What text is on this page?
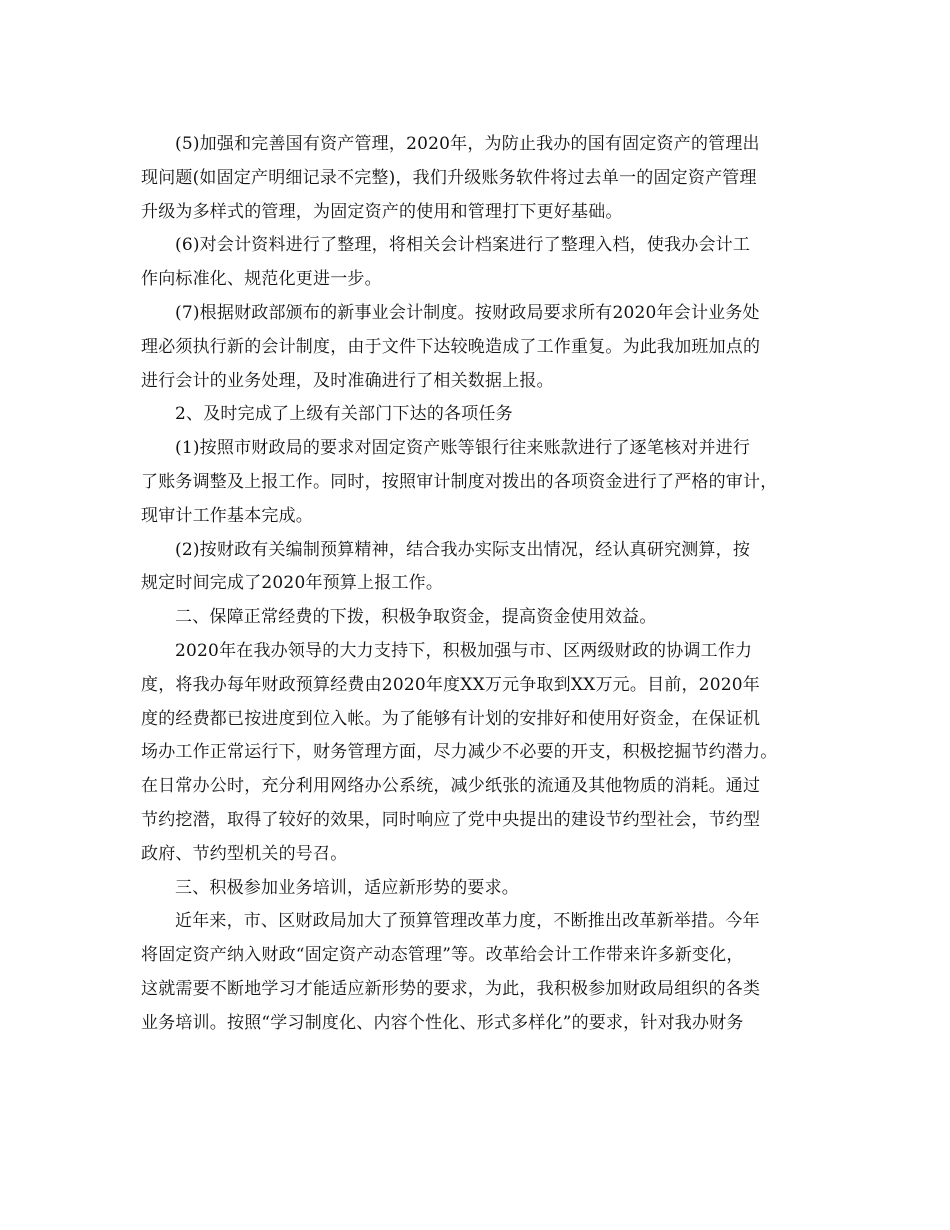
(5)加强和完善国有资产管理，2020年，为防止我办的国有固定资产的管理出
现问题(如固定产明细记录不完整)，我们升级账务软件将过去单一的固定资产管理
升级为多样式的管理，为固定资产的使用和管理打下更好基础。
(6)对会计资料进行了整理，将相关会计档案进行了整理入档，使我办会计工
作向标准化、规范化更进一步。
(7)根据财政部颁布的新事业会计制度。按财政局要求所有2020年会计业务处
理必须执行新的会计制度，由于文件下达较晚造成了工作重复。为此我加班加点的
进行会计的业务处理，及时准确进行了相关数据上报。
2、及时完成了上级有关部门下达的各项任务
(1)按照市财政局的要求对固定资产账等银行往来账款进行了逐笔核对并进行
了账务调整及上报工作。同时，按照审计制度对拨出的各项资金进行了严格的审计，
现审计工作基本完成。
(2)按财政有关编制预算精神，结合我办实际支出情况，经认真研究测算，按
规定时间完成了2020年预算上报工作。
二、保障正常经费的下拨，积极争取资金，提高资金使用效益。
2020年在我办领导的大力支持下，积极加强与市、区两级财政的协调工作力
度，将我办每年财政预算经费由2020年度XX万元争取到XX万元。目前，2020年
度的经费都已按进度到位入帐。为了能够有计划的安排好和使用好资金，在保证机
场办工作正常运行下，财务管理方面，尽力减少不必要的开支，积极挖掘节约潜力。
在日常办公时，充分利用网络办公系统，减少纸张的流通及其他物质的消耗。通过
节约挖潜，取得了较好的效果，同时响应了党中央提出的建设节约型社会，节约型
政府、节约型机关的号召。
三、积极参加业务培训，适应新形势的要求。
近年来，市、区财政局加大了预算管理改革力度，不断推出改革新举措。今年
将固定资产纳入财政“固定资产动态管理”等。改革给会计工作带来许多新变化，
这就需要不断地学习才能适应新形势的要求，为此，我积极参加财政局组织的各类
业务培训。按照“学习制度化、内容个性化、形式多样化”的要求，针对我办财务
